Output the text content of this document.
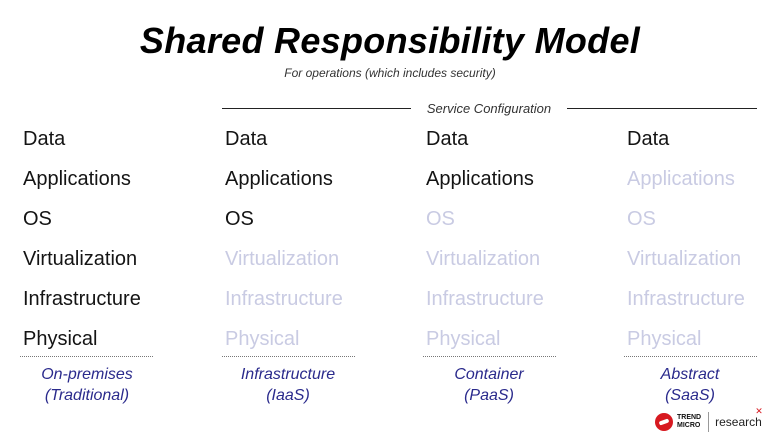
Shared Responsibility Model
For operations (which includes security)
Service Configuration
Data
Applications
OS
Virtualization
Infrastructure
Physical
Data
Applications
OS
Virtualization
Infrastructure
Physical
Data
Applications
OS
Virtualization
Infrastructure
Physical
Data
Applications
OS
Virtualization
Infrastructure
Physical
On-premises
(Traditional)
Infrastructure
(IaaS)
Container
(PaaS)
Abstract
(SaaS)
TREND
MICRO research
✕
